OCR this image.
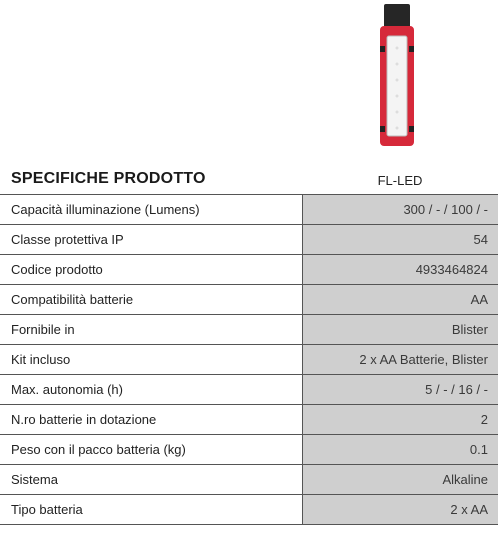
SPECIFICHE PRODOTTO	FL-LED
Capacità illuminazione (Lumens)	300 / - / 100 / -
Classe protettiva IP	54
Codice prodotto	4933464824
Compatibilità batterie	AA
Fornibile in	Blister
Kit incluso	2 x AA Batterie, Blister
Max. autonomia (h)	5 / - / 16 / -
N.ro batterie in dotazione	2
Peso con il pacco batteria (kg)	0.1
Sistema	Alkaline
Tipo batteria	2 x AA
